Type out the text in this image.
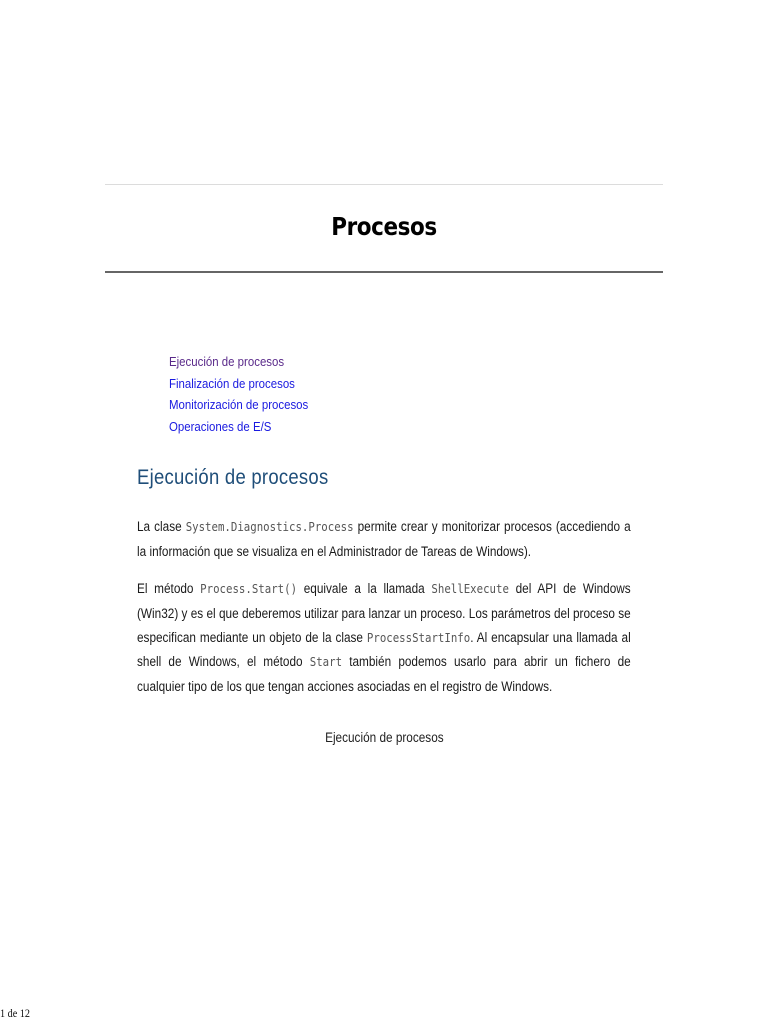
Procesos
Ejecución de procesos
Finalización de procesos
Monitorización de procesos
Operaciones de E/S
Ejecución de procesos

La clase System.Diagnostics.Process permite crear y monitorizar procesos (accediendo a la información que se visualiza en el Administrador de Tareas de Windows).

El método Process.Start() equivale a la llamada ShellExecute del API de Windows (Win32) y es el que deberemos utilizar para lanzar un proceso. Los parámetros del proceso se especifican mediante un objeto de la clase ProcessStartInfo. Al encapsular una llamada al shell de Windows, el método Start también podemos usarlo para abrir un fichero de cualquier tipo de los que tengan acciones asociadas en el registro de Windows.

Ejecución de procesos

1 de 12
